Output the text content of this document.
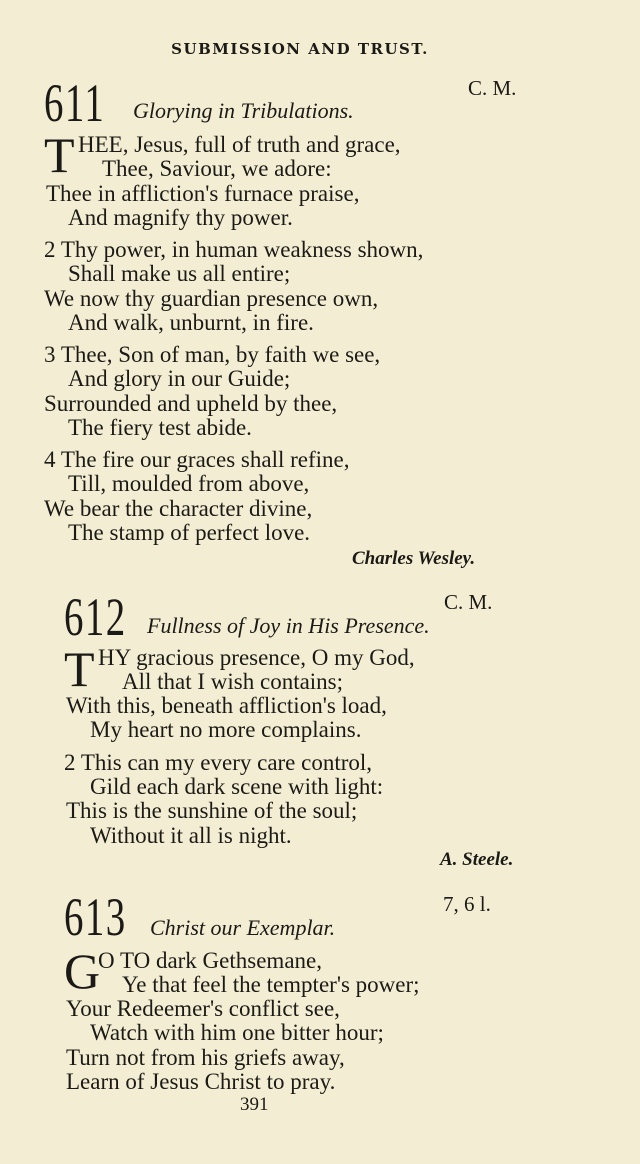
SUBMISSION AND TRUST.
611	C. M.
Glorying in Tribulations.
T HEE, Jesus, full of truth and grace,
Thee, Saviour, we adore:
Thee in affliction's furnace praise,
And magnify thy power.
2 Thy power, in human weakness shown,
Shall make us all entire;
We now thy guardian presence own,
And walk, unburnt, in fire.
3 Thee, Son of man, by faith we see,
And glory in our Guide;
Surrounded and upheld by thee,
The fiery test abide.
4 The fire our graces shall refine,
Till, moulded from above,
We bear the character divine,
The stamp of perfect love.
Charles Wesley.
612	C. M.
Fullness of Joy in His Presence.
T HY gracious presence, O my God,
All that I wish contains;
With this, beneath affliction's load,
My heart no more complains.
2 This can my every care control,
Gild each dark scene with light:
This is the sunshine of the soul;
Without it all is night.
A. Steele.
613	7, 6 l.
Christ our Exemplar.
G
O TO dark Gethsemane,
Ye that feel the tempter's power;
Your Redeemer's conflict see,
Watch with him one bitter hour;
Turn not from his griefs away,
Learn of Jesus Christ to pray.
391
